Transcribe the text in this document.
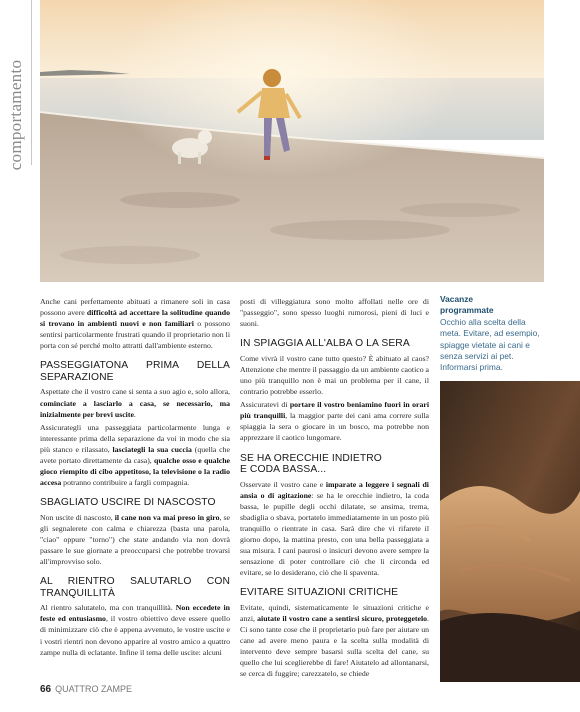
comportamento

Anche cani perfettamente abituati a rimanere soli in casa possono avere difficoltà ad accettare la solitudine quando si trovano in ambienti nuovi e non familiari o possono sentirsi particolarmente frustrati quando il proprietario non li porta con sé perché molto attratti dall'ambiente esterno.

PASSEGGIATONA PRIMA DELLA SEPARAZIONE

Aspettate che il vostro cane si senta a suo agio e, solo allora, cominciate a lasciarlo a casa, se necessario, ma inizialmente per brevi uscite.

Assicurategli una passeggiata particolarmente lunga e interessante prima della separazione da voi in modo che sia più stanco e rilassato, lasciategli la sua cuccia (quella che avete portato direttamente da casa), qualche osso e qualche gioco riempito di cibo appetitoso, la televisione o la radio accesa potranno contribuire a fargli compagnia.

SBAGLIATO USCIRE DI NASCOSTO

Non uscite di nascosto, il cane non va mai preso in giro, se gli segnalerete con calma e chiarezza (basta una parola, "ciao" oppure "torno") che state andando via non dovrà passare le sue giornate a preoccuparsi che potrebbe trovarsi all'improvviso solo.

AL RIENTRO SALUTARLO CON TRANQUILLITÀ

Al rientro salutatelo, ma con tranquillità. Non eccedete in feste ed entusiasmo, il vostro obiettivo deve essere quello di minimizzare ciò che è appena avvenuto, le vostre uscite e i vostri rientri non devono apparire al vostro amico a quattro zampe nulla di eclatante. Infine il tema delle uscite: alcuni

posti di villeggiatura sono molto affollati nelle ore di "passeggio", sono spesso luoghi rumorosi, pieni di luci e suoni.

IN SPIAGGIA ALL'ALBA O LA SERA

Come vivrà il vostro cane tutto questo? È abituato al caos? Attenzione che mentre il passaggio da un ambiente caotico a uno più tranquillo non è mai un problema per il cane, il contrario potrebbe esserlo.

Assicuratevi di portare il vostro beniamino fuori in orari più tranquilli, la maggior parte dei cani ama correre sulla spiaggia la sera o giocare in un bosco, ma potrebbe non apprezzare il caotico lungomare.

SE HA ORECCHIE INDIETRO
E CODA BASSA...

Osservate il vostro cane e imparate a leggere i segnali di ansia o di agitazione: se ha le orecchie indietro, la coda bassa, le pupille degli occhi dilatate, se ansima, trema, sbadiglia o sbava, portatelo immediatamente in un posto più tranquillo o rientrate in casa. Sarà dire che vi rifarete il giorno dopo, la mattina presto, con una bella passeggiata a sua misura. I cani paurosi o insicuri devono avere sempre la sensazione di poter controllare ciò che li circonda ed evitare, se lo desiderano, ciò che li spaventa.

EVITARE SITUAZIONI CRITICHE

Evitate, quindi, sistematicamente le situazioni critiche e anzi, aiutate il vostro cane a sentirsi sicuro, proteggetelo. Ci sono tante cose che il proprietario può fare per aiutare un cane ad avere meno paura e la scelta sulla modalità di intervento deve sempre basarsi sulla scelta del cane, su quello che lui sceglierebbe di fare! Aiutatelo ad allontanarsi, se cerca di fuggire; carezzatelo, se chiede

Vacanze
programmate
Occhio alla scelta della meta. Evitare, ad esempio, spiagge vietate ai cani e senza servizi ai pet. Informarsi prima.
66 QUATTRO ZAMPE
